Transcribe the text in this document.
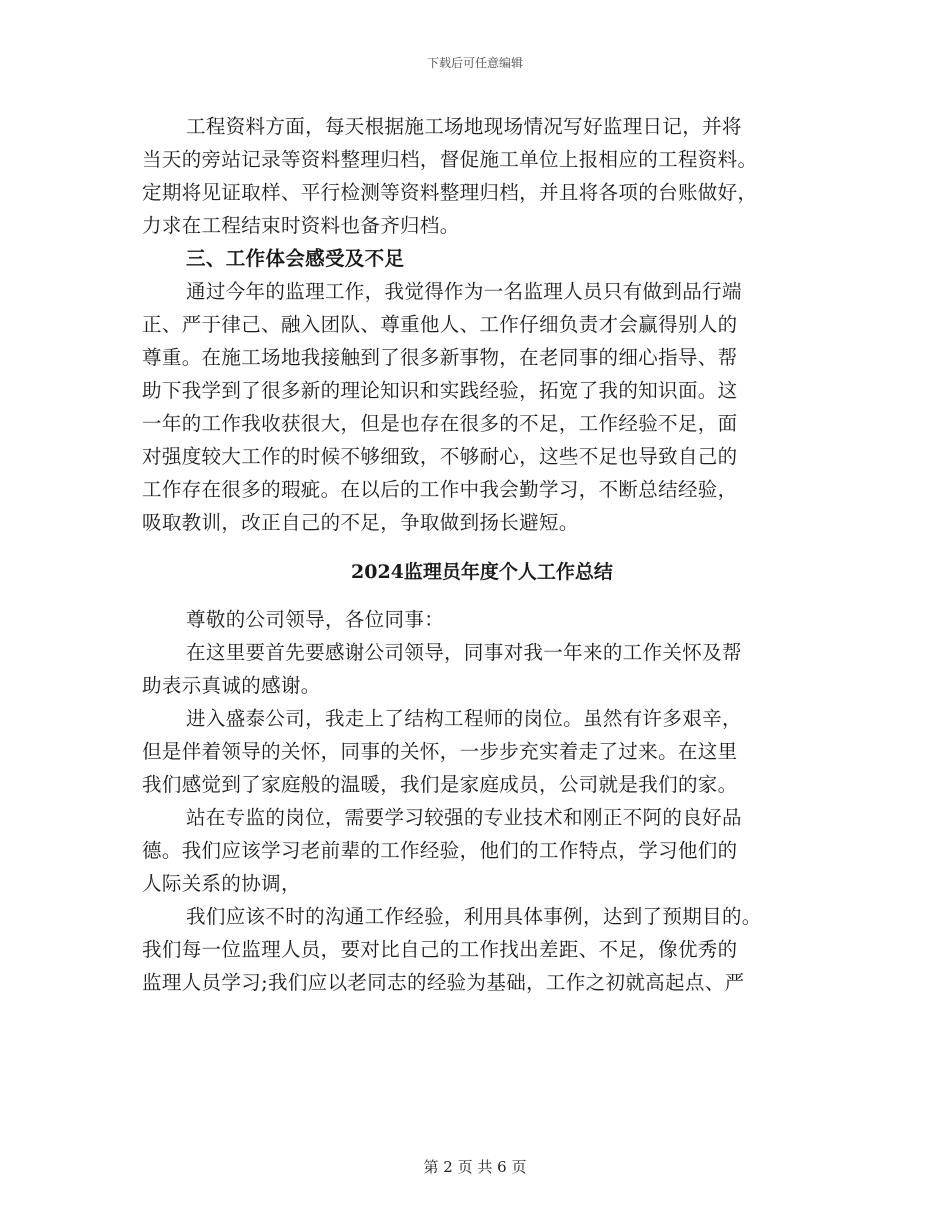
下载后可任意编辑
工程资料方面，每天根据施工场地现场情况写好监理日记，并将
当天的旁站记录等资料整理归档，督促施工单位上报相应的工程资料。
定期将见证取样、平行检测等资料整理归档，并且将各项的台账做好，
力求在工程结束时资料也备齐归档。
三、工作体会感受及不足
通过今年的监理工作，我觉得作为一名监理人员只有做到品行端
正、严于律己、融入团队、尊重他人、工作仔细负责才会赢得别人的
尊重。在施工场地我接触到了很多新事物，在老同事的细心指导、帮
助下我学到了很多新的理论知识和实践经验，拓宽了我的知识面。这
一年的工作我收获很大，但是也存在很多的不足，工作经验不足，面
对强度较大工作的时候不够细致，不够耐心，这些不足也导致自己的
工作存在很多的瑕疵。在以后的工作中我会勤学习，不断总结经验，
吸取教训，改正自己的不足，争取做到扬长避短。
2024监理员年度个人工作总结
尊敬的公司领导，各位同事：
在这里要首先要感谢公司领导，同事对我一年来的工作关怀及帮
助表示真诚的感谢。
进入盛泰公司，我走上了结构工程师的岗位。虽然有许多艰辛，
但是伴着领导的关怀，同事的关怀，一步步充实着走了过来。在这里
我们感觉到了家庭般的温暖，我们是家庭成员，公司就是我们的家。
站在专监的岗位，需要学习较强的专业技术和刚正不阿的良好品
德。我们应该学习老前辈的工作经验，他们的工作特点，学习他们的
人际关系的协调，
我们应该不时的沟通工作经验，利用具体事例，达到了预期目的。
我们每一位监理人员，要对比自己的工作找出差距、不足，像优秀的
监理人员学习;我们应以老同志的经验为基础，工作之初就高起点、严
第 2 页 共 6 页
